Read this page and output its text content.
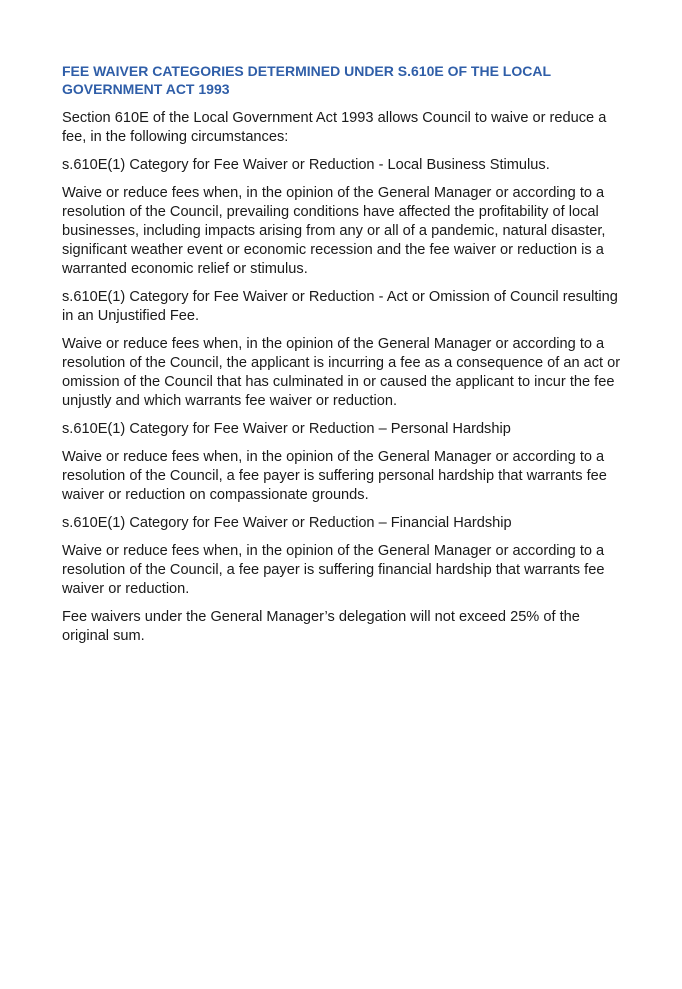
FEE WAIVER CATEGORIES DETERMINED UNDER S.610E OF THE LOCAL GOVERNMENT ACT 1993

Section 610E of the Local Government Act 1993 allows Council to waive or reduce a fee, in the following circumstances:

s.610E(1) Category for Fee Waiver or Reduction - Local Business Stimulus.

Waive or reduce fees when, in the opinion of the General Manager or according to a resolution of the Council, prevailing conditions have affected the profitability of local businesses, including impacts arising from any or all of a pandemic, natural disaster, significant weather event or economic recession and the fee waiver or reduction is a warranted economic relief or stimulus.

s.610E(1) Category for Fee Waiver or Reduction - Act or Omission of Council resulting in an Unjustified Fee.

Waive or reduce fees when, in the opinion of the General Manager or according to a resolution of the Council, the applicant is incurring a fee as a consequence of an act or omission of the Council that has culminated in or caused the applicant to incur the fee unjustly and which warrants fee waiver or reduction.

s.610E(1) Category for Fee Waiver or Reduction – Personal Hardship

Waive or reduce fees when, in the opinion of the General Manager or according to a resolution of the Council, a fee payer is suffering personal hardship that warrants fee waiver or reduction on compassionate grounds.

s.610E(1) Category for Fee Waiver or Reduction – Financial Hardship

Waive or reduce fees when, in the opinion of the General Manager or according to a resolution of the Council, a fee payer is suffering financial hardship that warrants fee waiver or reduction.

Fee waivers under the General Manager’s delegation will not exceed 25% of the original sum.
